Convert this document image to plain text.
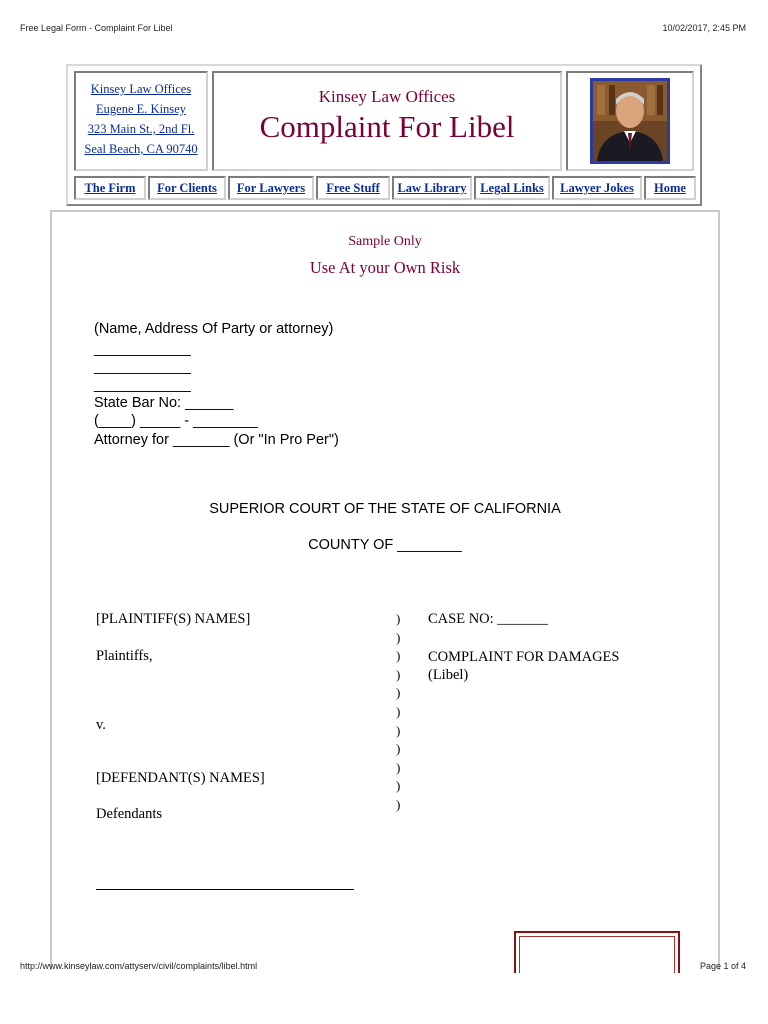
Free Legal Form - Complaint For Libel	10/02/2017, 2:45 PM
Kinsey Law Offices
Eugene E. Kinsey
323 Main St., 2nd Fl.
Seal Beach, CA 90740
Kinsey Law Offices
Complaint For Libel
The Firm	For Clients	For Lawyers	Free Stuff	Law Library	Legal Links	Lawyer Jokes	Home
Sample Only
Use At your Own Risk
(Name, Address Of Party or attorney)
____________
____________
____________
State Bar No: ______
(____) _____ - ________
Attorney for _______ (Or "In Pro Per")
SUPERIOR COURT OF THE STATE OF CALIFORNIA
COUNTY OF ________
[PLAINTIFF(S) NAMES]
Plaintiffs,
v.
[DEFENDANT(S) NAMES]
Defendants
)
)
)
)
)
)
)
)
)
)
)
CASE NO: _______
COMPLAINT FOR DAMAGES
(Libel)
http://www.kinseylaw.com/attyserv/civil/complaints/libel.html	Page 1 of 4
